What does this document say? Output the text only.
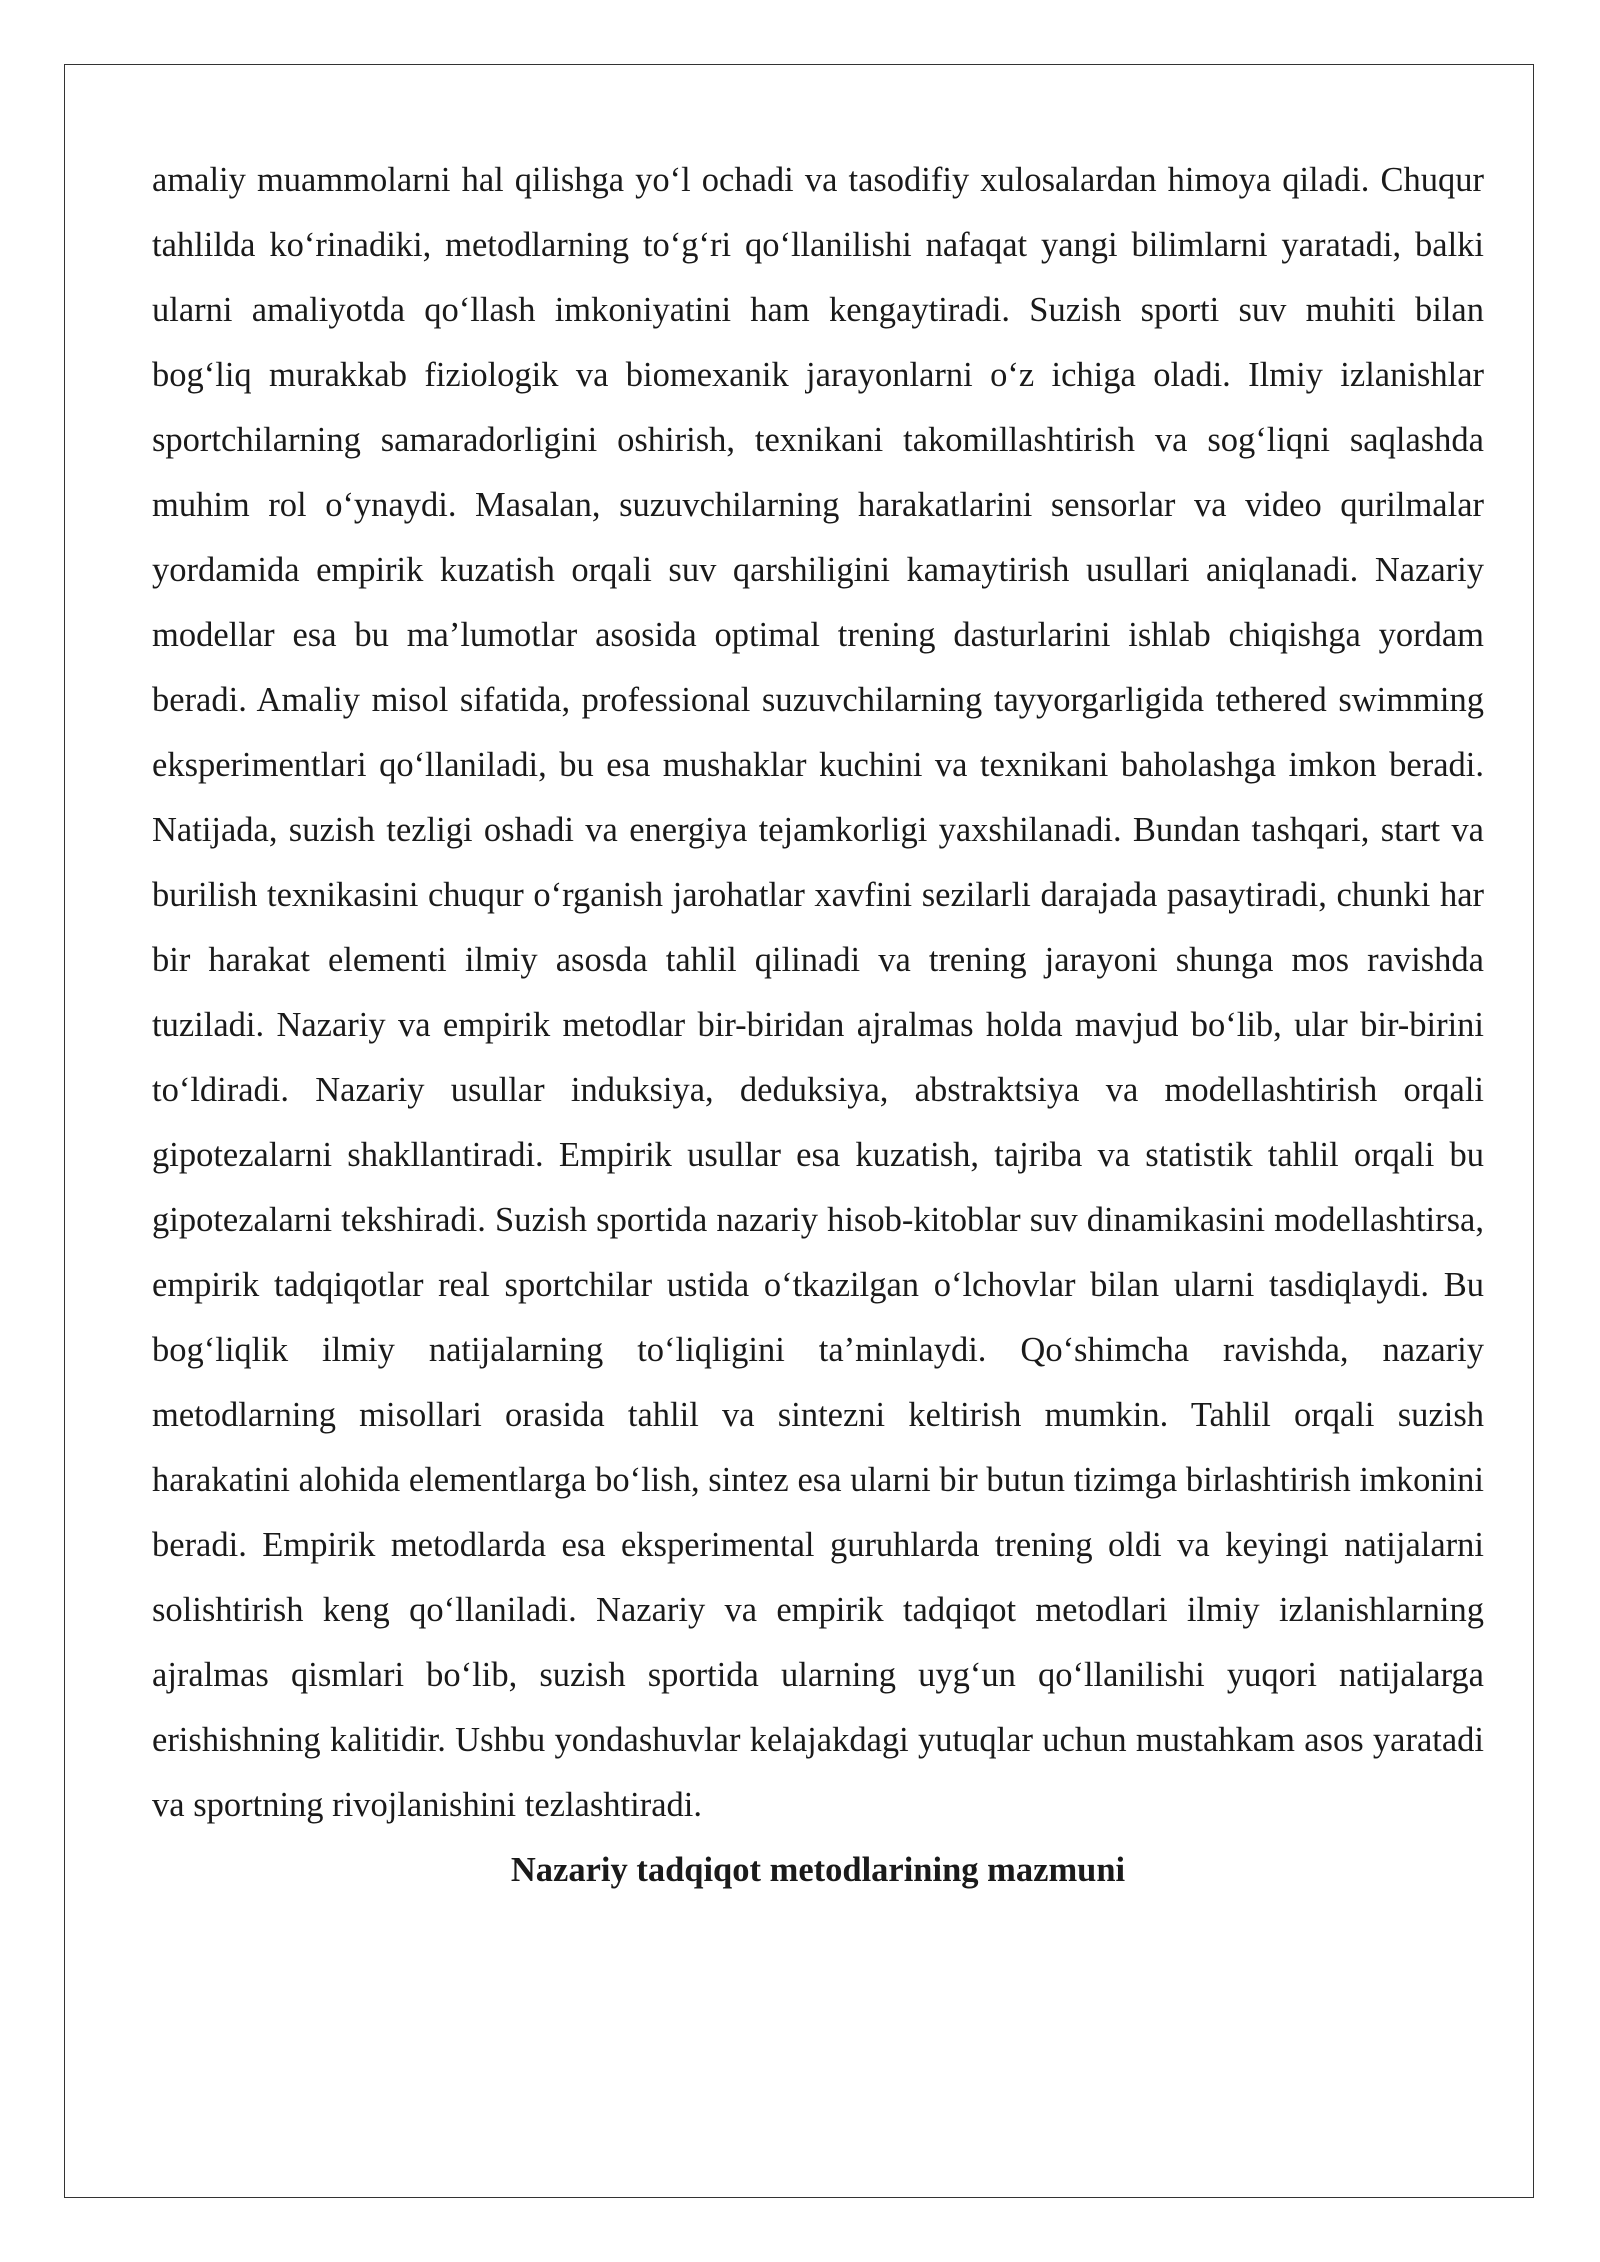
amaliy muammolarni hal qilishga yo‘l ochadi va tasodifiy xulosalardan himoya qiladi. Chuqur tahlilda ko‘rinadiki, metodlarning to‘g‘ri qo‘llanilishi nafaqat yangi bilimlarni yaratadi, balki ularni amaliyotda qo‘llash imkoniyatini ham kengaytiradi. Suzish sporti suv muhiti bilan bog‘liq murakkab fiziologik va biomexanik jarayonlarni o‘z ichiga oladi. Ilmiy izlanishlar sportchilarning samaradorligini oshirish, texnikani takomillashtirish va sog‘liqni saqlashda muhim rol o‘ynaydi. Masalan, suzuvchilarning harakatlarini sensorlar va video qurilmalar yordamida empirik kuzatish orqali suv qarshiligini kamaytirish usullari aniqlanadi. Nazariy modellar esa bu ma’lumotlar asosida optimal trening dasturlarini ishlab chiqishga yordam beradi. Amaliy misol sifatida, professional suzuvchilarning tayyorgarligida tethered swimming eksperimentlari qo‘llaniladi, bu esa mushaklar kuchini va texnikani baholashga imkon beradi. Natijada, suzish tezligi oshadi va energiya tejamkorligi yaxshilanadi. Bundan tashqari, start va burilish texnikasini chuqur o‘rganish jarohatlar xavfini sezilarli darajada pasaytiradi, chunki har bir harakat elementi ilmiy asosda tahlil qilinadi va trening jarayoni shunga mos ravishda tuziladi. Nazariy va empirik metodlar bir-biridan ajralmas holda mavjud bo‘lib, ular bir-birini to‘ldiradi. Nazariy usullar induksiya, deduksiya, abstraktsiya va modellashtirish orqali gipotezalarni shakllantiradi. Empirik usullar esa kuzatish, tajriba va statistik tahlil orqali bu gipotezalarni tekshiradi. Suzish sportida nazariy hisob-kitoblar suv dinamikasini modellashtirsa, empirik tadqiqotlar real sportchilar ustida o‘tkazilgan o‘lchovlar bilan ularni tasdiqlaydi. Bu bog‘liqlik ilmiy natijalarning to‘liqligini ta’minlaydi. Qo‘shimcha ravishda, nazariy metodlarning misollari orasida tahlil va sintezni keltirish mumkin. Tahlil orqali suzish harakatini alohida elementlarga bo‘lish, sintez esa ularni bir butun tizimga birlashtirish imkonini beradi. Empirik metodlarda esa eksperimental guruhlarda trening oldi va keyingi natijalarni solishtirish keng qo‘llaniladi. Nazariy va empirik tadqiqot metodlari ilmiy izlanishlarning ajralmas qismlari bo‘lib, suzish sportida ularning uyg‘un qo‘llanilishi yuqori natijalarga erishishning kalitidir. Ushbu yondashuvlar kelajakdagi yutuqlar uchun mustahkam asos yaratadi va sportning rivojlanishini tezlashtiradi.

Nazariy tadqiqot metodlarining mazmuni
